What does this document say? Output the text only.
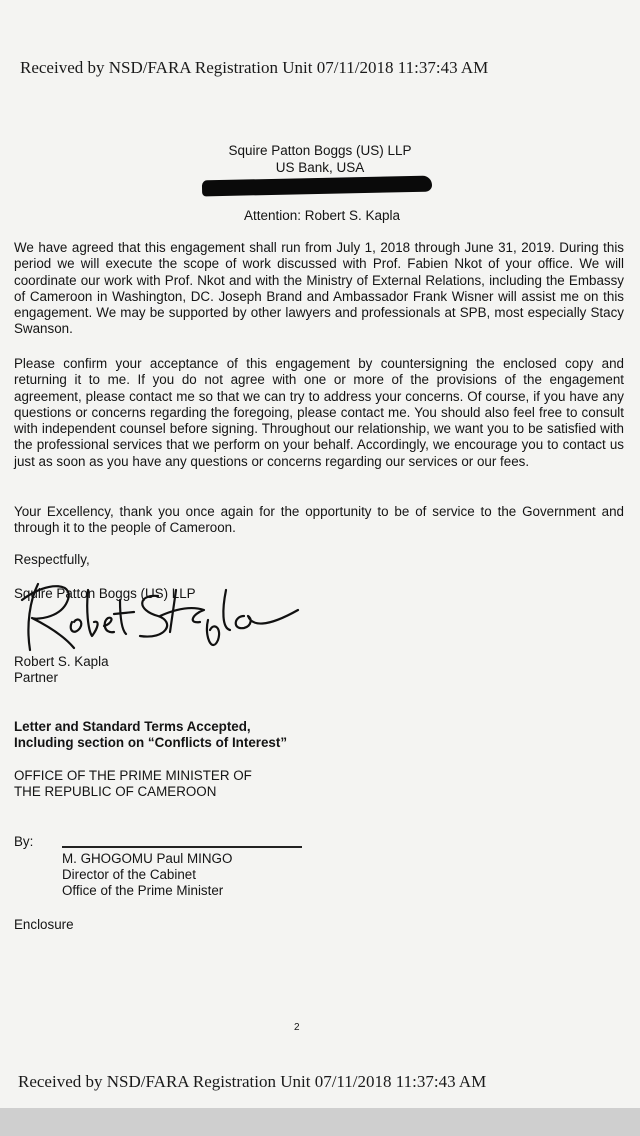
Received by NSD/FARA Registration Unit 07/11/2018 11:37:43 AM
Squire Patton Boggs (US) LLP
US Bank, USA
Attention: Robert S. Kapla

We have agreed that this engagement shall run from July 1, 2018 through June 31, 2019. During this period we will execute the scope of work discussed with Prof. Fabien Nkot of your office. We will coordinate our work with Prof. Nkot and with the Ministry of External Relations, including the Embassy of Cameroon in Washington, DC. Joseph Brand and Ambassador Frank Wisner will assist me on this engagement. We may be supported by other lawyers and professionals at SPB, most especially Stacy Swanson.

Please confirm your acceptance of this engagement by countersigning the enclosed copy and returning it to me. If you do not agree with one or more of the provisions of the engagement agreement, please contact me so that we can try to address your concerns. Of course, if you have any questions or concerns regarding the foregoing, please contact me. You should also feel free to consult with independent counsel before signing. Throughout our relationship, we want you to be satisfied with the professional services that we perform on your behalf. Accordingly, we encourage you to contact us just as soon as you have any questions or concerns regarding our services or our fees.

Your Excellency, thank you once again for the opportunity to be of service to the Government and through it to the people of Cameroon.

Respectfully,
Squire Patton Boggs (US) LLP
Robert S. Kapla
Partner
Letter and Standard Terms Accepted,
Including section on “Conflicts of Interest”
OFFICE OF THE PRIME MINISTER OF
THE REPUBLIC OF CAMEROON
By:
M. GHOGOMU Paul MINGO
Director of the Cabinet
Office of the Prime Minister
Enclosure
2
Received by NSD/FARA Registration Unit 07/11/2018 11:37:43 AM
